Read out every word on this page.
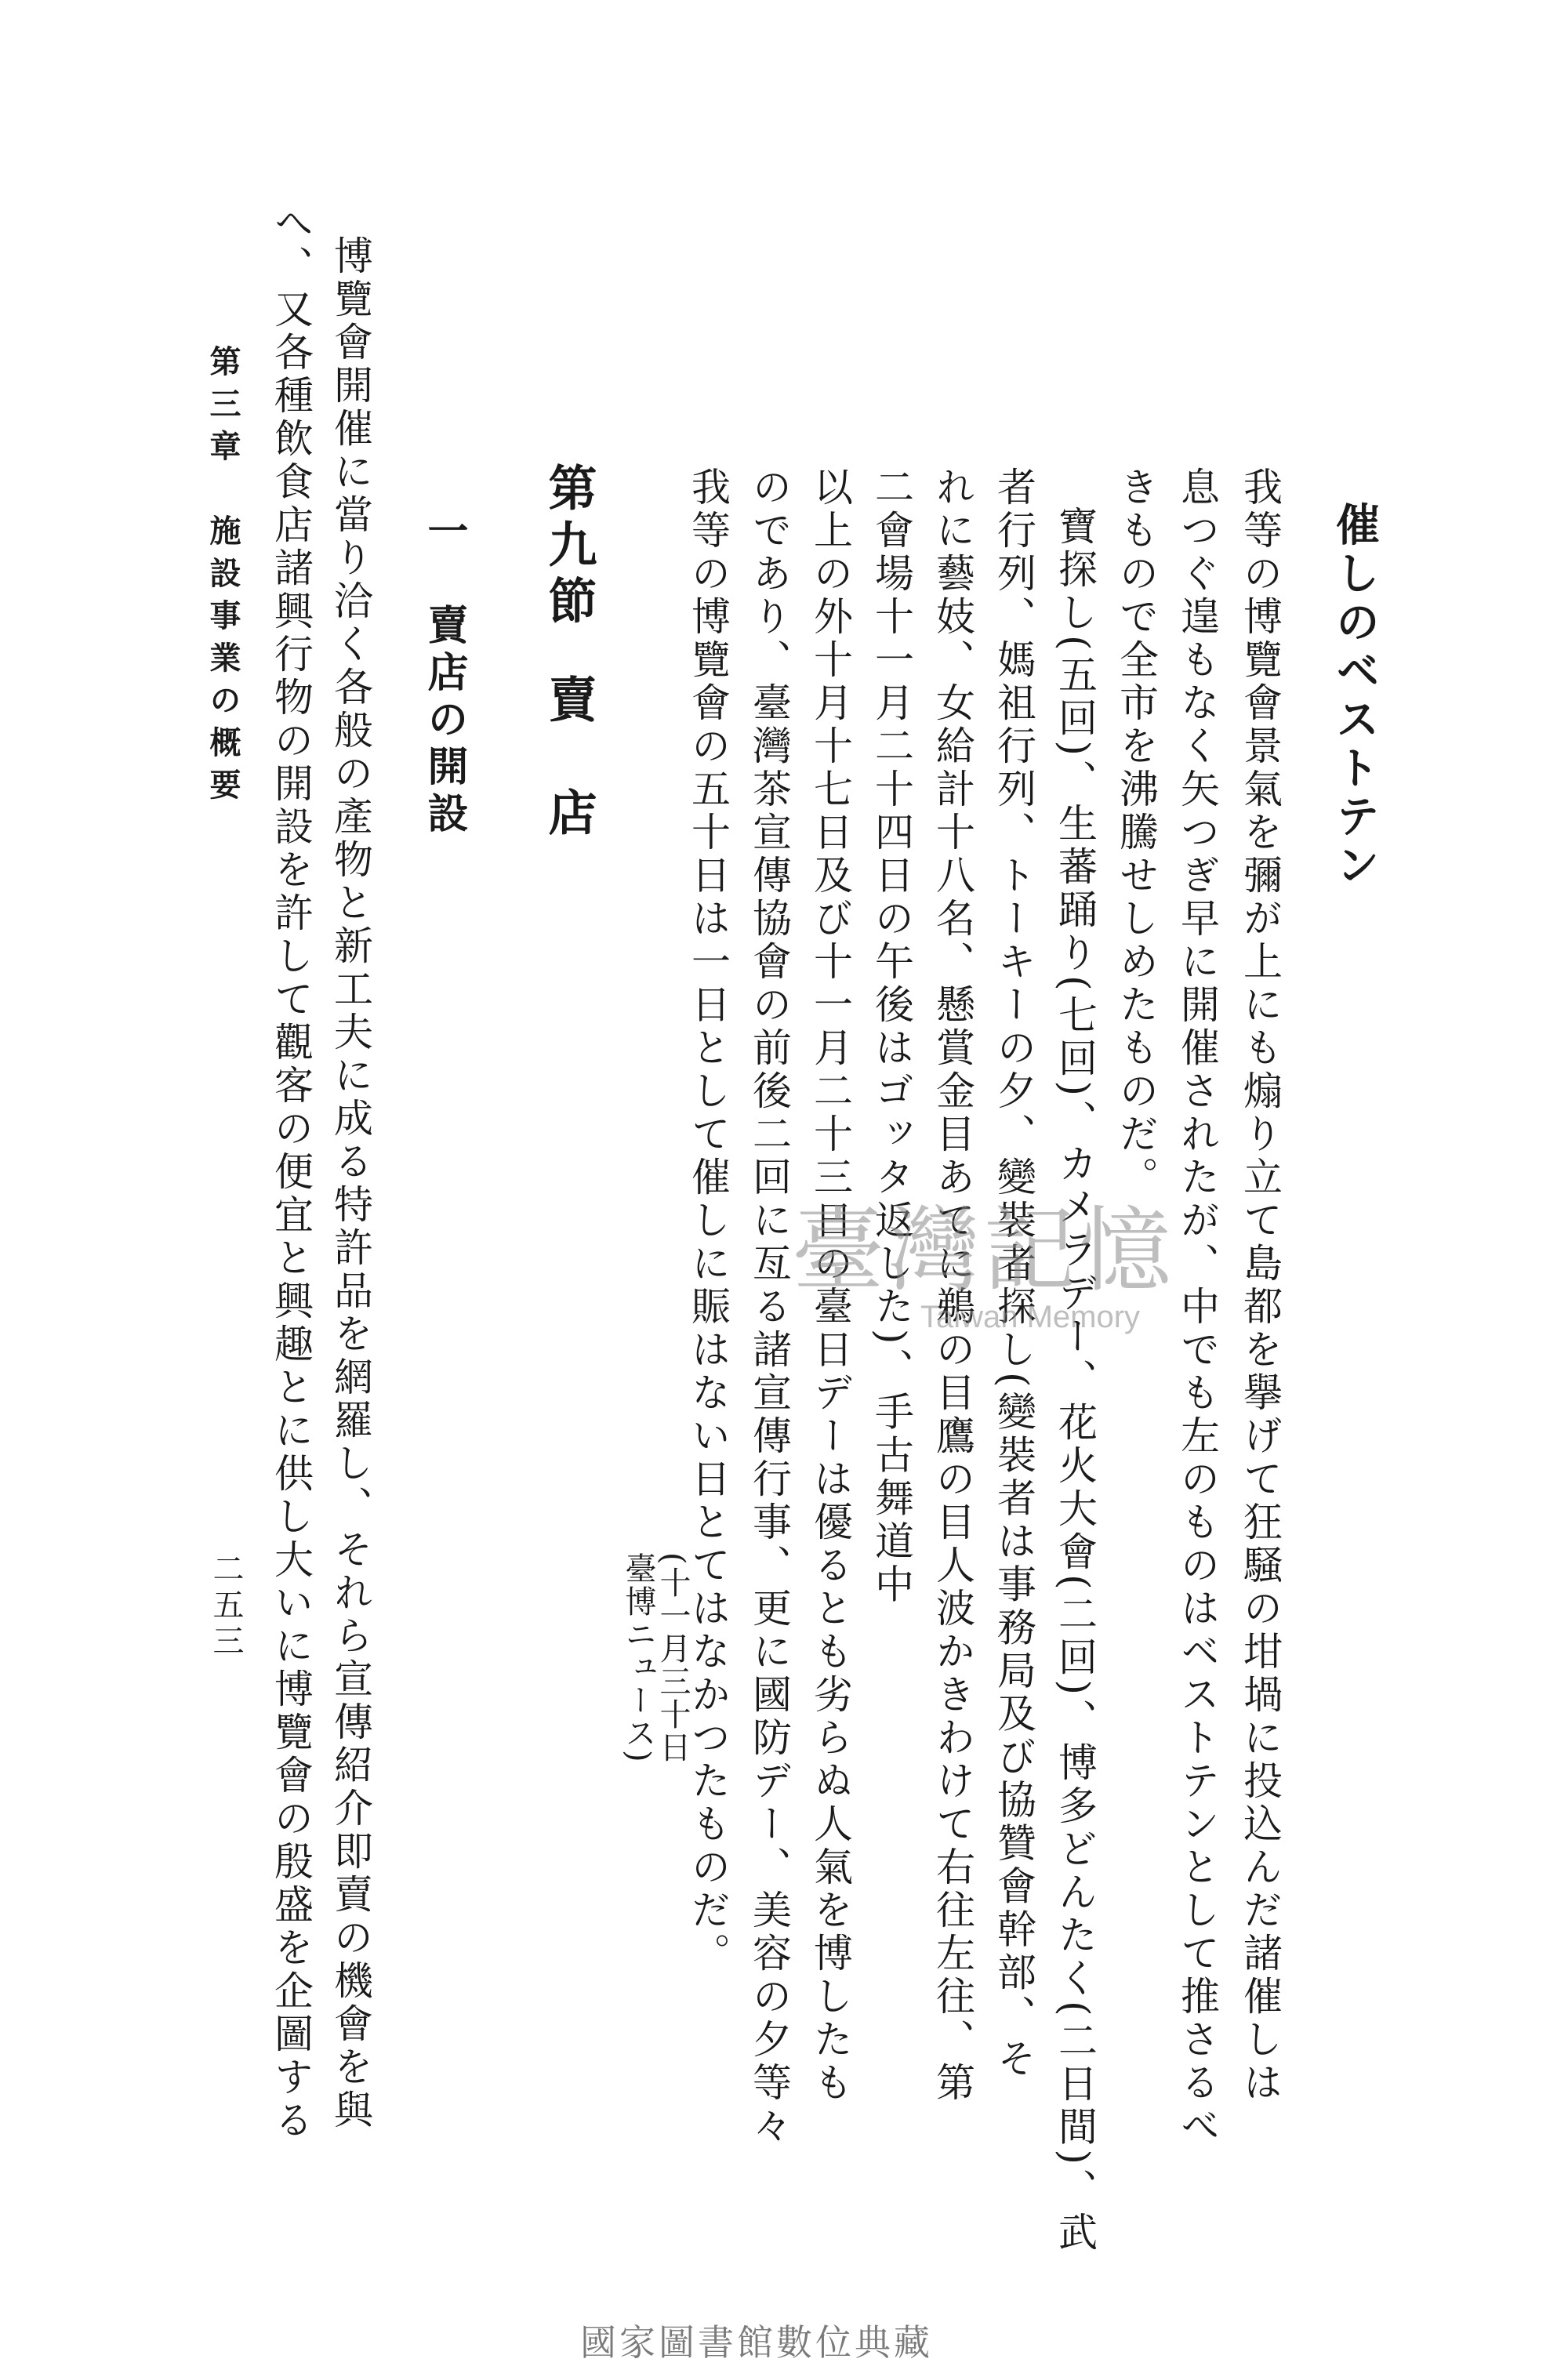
催しのベストテン
我等の博覽會景氣を彌が上にも煽り立て島都を擧げて狂騒の坩堝に投込んだ諸催しは
息つぐ遑もなく矢つぎ早に開催されたが、中でも左のものはベストテンとして推さるべ
きもので全市を沸騰せしめたものだ。
寶探し(五回)、生蕃踊り(七回)、カメラデー、花火大會(二回)、博多どんたく(二日間)、武
者行列、媽祖行列、トーキーの夕、變裝者探し(變裝者は事務局及び協贊會幹部、そ
れに藝妓、女給計十八名、懸賞金目あてに鵜の目鷹の目人波かきわけて右往左往、第
二會場十一月二十四日の午後はゴッタ返した)、手古舞道中
以上の外十月十七日及び十一月二十三日の臺日デーは優るとも劣らぬ人氣を博したも
のであり、臺灣茶宣傳協會の前後二回に亙る諸宣傳行事、更に國防デー、美容の夕等々
我等の博覽會の五十日は一日として催しに賑はない日とてはなかつたものだ。
(十一月三十日
臺博ニュース)
第九節
賣　店
一　賣店の開設
博覽會開催に當り洽く各般の產物と新工夫に成る特許品を網羅し、それら宣傳紹介即賣の機會を與
へ、又各種飲食店諸興行物の開設を許して觀客の便宜と興趣とに供し大いに博覽會の殷盛を企圖する
第三章　施設事業の概要
二五三
臺灣記憶
Taiwan Memory
國家圖書館數位典藏
